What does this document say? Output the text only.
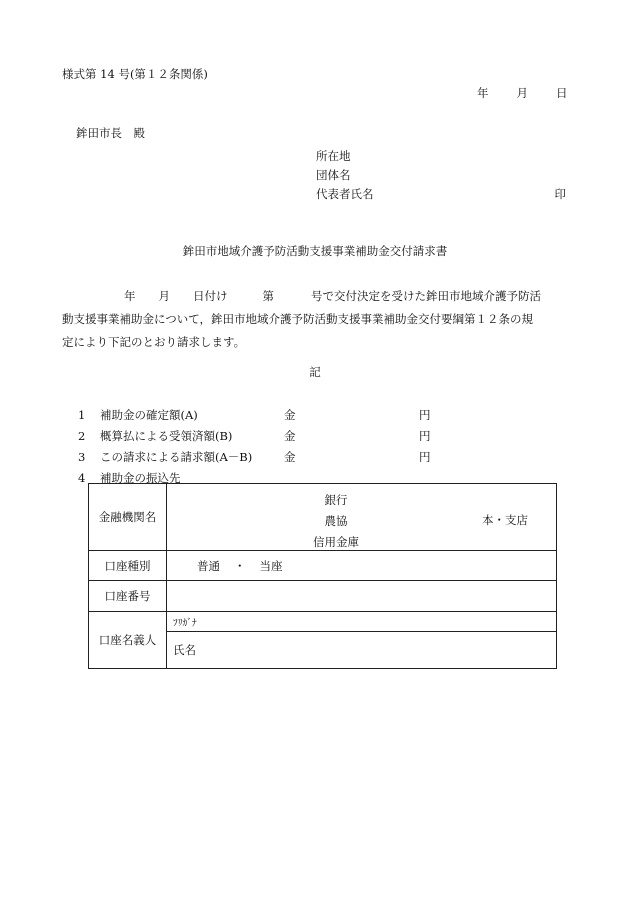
様式第 14 号(第１２条関係)
年 月 日
鉾田市長　殿
所在地
団体名
代表者氏名	印
鉾田市地域介護予防活動支援事業補助金交付請求書
年 月 日付け	第	号で交付決定を受けた鉾田市地域介護予防活
動支援事業補助金について，鉾田市地域介護予防活動支援事業補助金交付要綱第１２条の規
定により下記のとおり請求します。
記
1 補助金の確定額(A)	金	円
2 概算払による受領済額(B)	金	円
3 この請求による請求額(A－B)	金	円
4 補助金の振込先
金融機関名	銀行
農協
信用金庫
本・支店

口座種別	普通 ・ 当座
口座番号	
口座名義人	ﾌﾘｶﾞﾅ
	氏名
